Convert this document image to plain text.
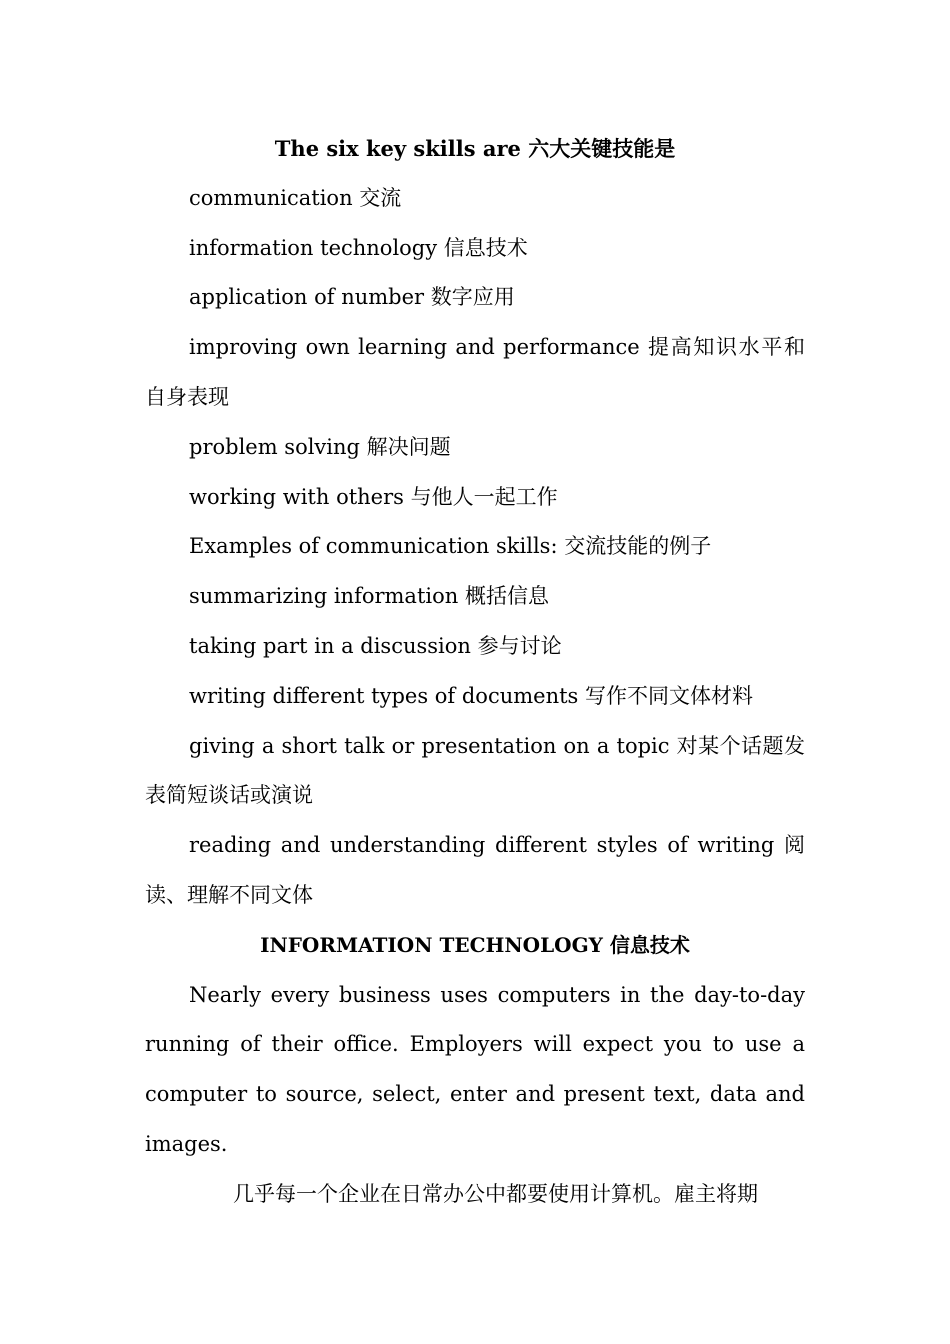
The six key skills are 六大关键技能是

communication 交流

information technology 信息技术

application of number 数字应用

improving own learning and performance 提高知识水平和自身表现

problem solving 解决问题

working with others 与他人一起工作

Examples of communication skills: 交流技能的例子

summarizing information 概括信息

taking part in a discussion 参与讨论

writing different types of documents 写作不同文体材料

giving a short talk or presentation on a topic 对某个话题发表简短谈话或演说

reading and understanding different styles of writing 阅读、理解不同文体

INFORMATION TECHNOLOGY 信息技术

Nearly every business uses computers in the day-to-day running of their office. Employers will expect you to use a computer to source, select, enter and present text, data and images.

几乎每一个企业在日常办公中都要使用计算机。雇主将期
